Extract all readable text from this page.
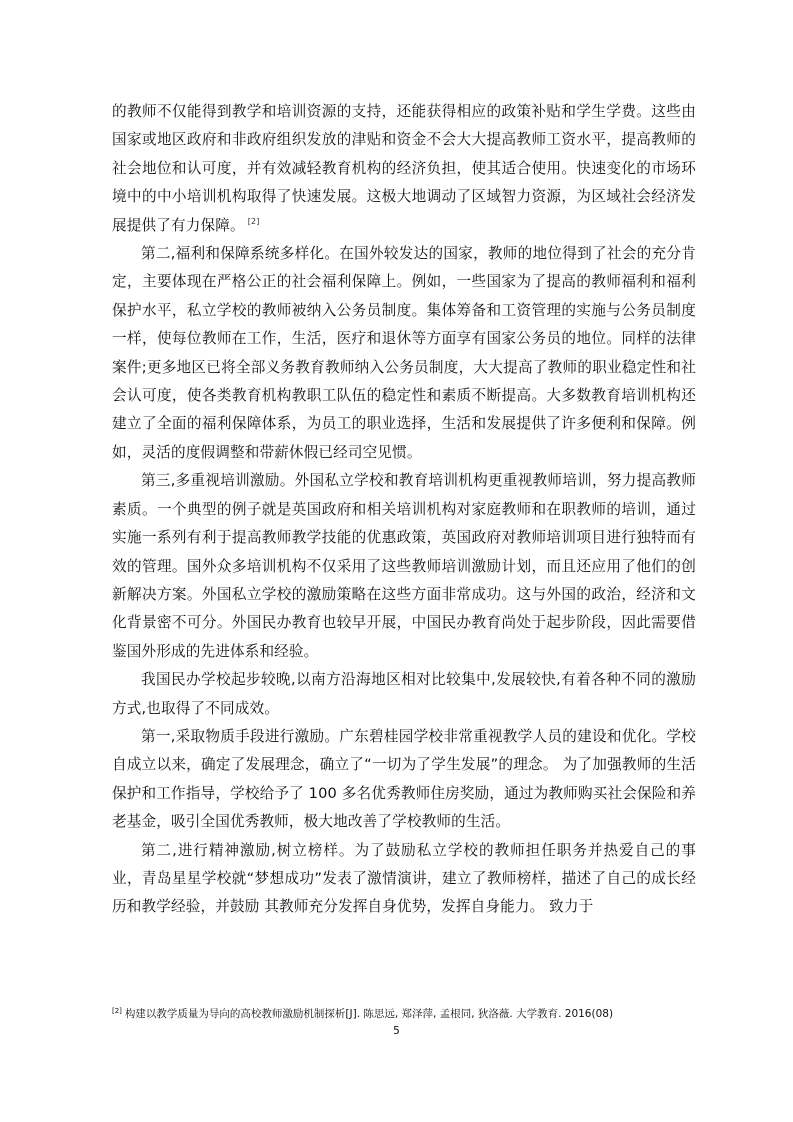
的教师不仅能得到教学和培训资源的支持，还能获得相应的政策补贴和学生学费。这些由国家或地区政府和非政府组织发放的津贴和资金不会大大提高教师工资水平，提高教师的社会地位和认可度，并有效减轻教育机构的经济负担，使其适合使用。快速变化的市场环境中的中小培训机构取得了快速发展。这极大地调动了区域智力资源，为区域社会经济发展提供了有力保障。 [2]

第二,福利和保障系统多样化。在国外较发达的国家，教师的地位得到了社会的充分肯定，主要体现在严格公正的社会福利保障上。例如，一些国家为了提高的教师福利和福利保护水平，私立学校的教师被纳入公务员制度。集体筹备和工资管理的实施与公务员制度一样，使每位教师在工作，生活，医疗和退休等方面享有国家公务员的地位。同样的法律案件;更多地区已将全部义务教育教师纳入公务员制度，大大提高了教师的职业稳定性和社会认可度，使各类教育机构教职工队伍的稳定性和素质不断提高。大多数教育培训机构还建立了全面的福利保障体系，为员工的职业选择，生活和发展提供了许多便利和保障。例如，灵活的度假调整和带薪休假已经司空见惯。

第三,多重视培训激励。外国私立学校和教育培训机构更重视教师培训，努力提高教师素质。一个典型的例子就是英国政府和相关培训机构对家庭教师和在职教师的培训，通过实施一系列有利于提高教师教学技能的优惠政策，英国政府对教师培训项目进行独特而有效的管理。国外众多培训机构不仅采用了这些教师培训激励计划，而且还应用了他们的创新解决方案。外国私立学校的激励策略在这些方面非常成功。这与外国的政治，经济和文化背景密不可分。外国民办教育也较早开展，中国民办教育尚处于起步阶段，因此需要借鉴国外形成的先进体系和经验。

我国民办学校起步较晚,以南方沿海地区相对比较集中,发展较快,有着各种不同的激励方式,也取得了不同成效。

第一,采取物质手段进行激励。广东碧桂园学校非常重视教学人员的建设和优化。学校自成立以来，确定了发展理念，确立了“一切为了学生发展”的理念。 为了加强教师的生活保护和工作指导，学校给予了 100 多名优秀教师住房奖励，通过为教师购买社会保险和养老基金，吸引全国优秀教师，极大地改善了学校教师的生活。

第二,进行精神激励,树立榜样。为了鼓励私立学校的教师担任职务并热爱自己的事业，青岛星星学校就“梦想成功”发表了激情演讲，建立了教师榜样，描述了自己的成长经历和教学经验，并鼓励 其教师充分发挥自身优势，发挥自身能力。 致力于

[2] 构建以教学质量为导向的高校教师激励机制探析[J]. 陈思远, 郑泽萍, 孟根同, 狄洛薇. 大学教育. 2016(08)
5
